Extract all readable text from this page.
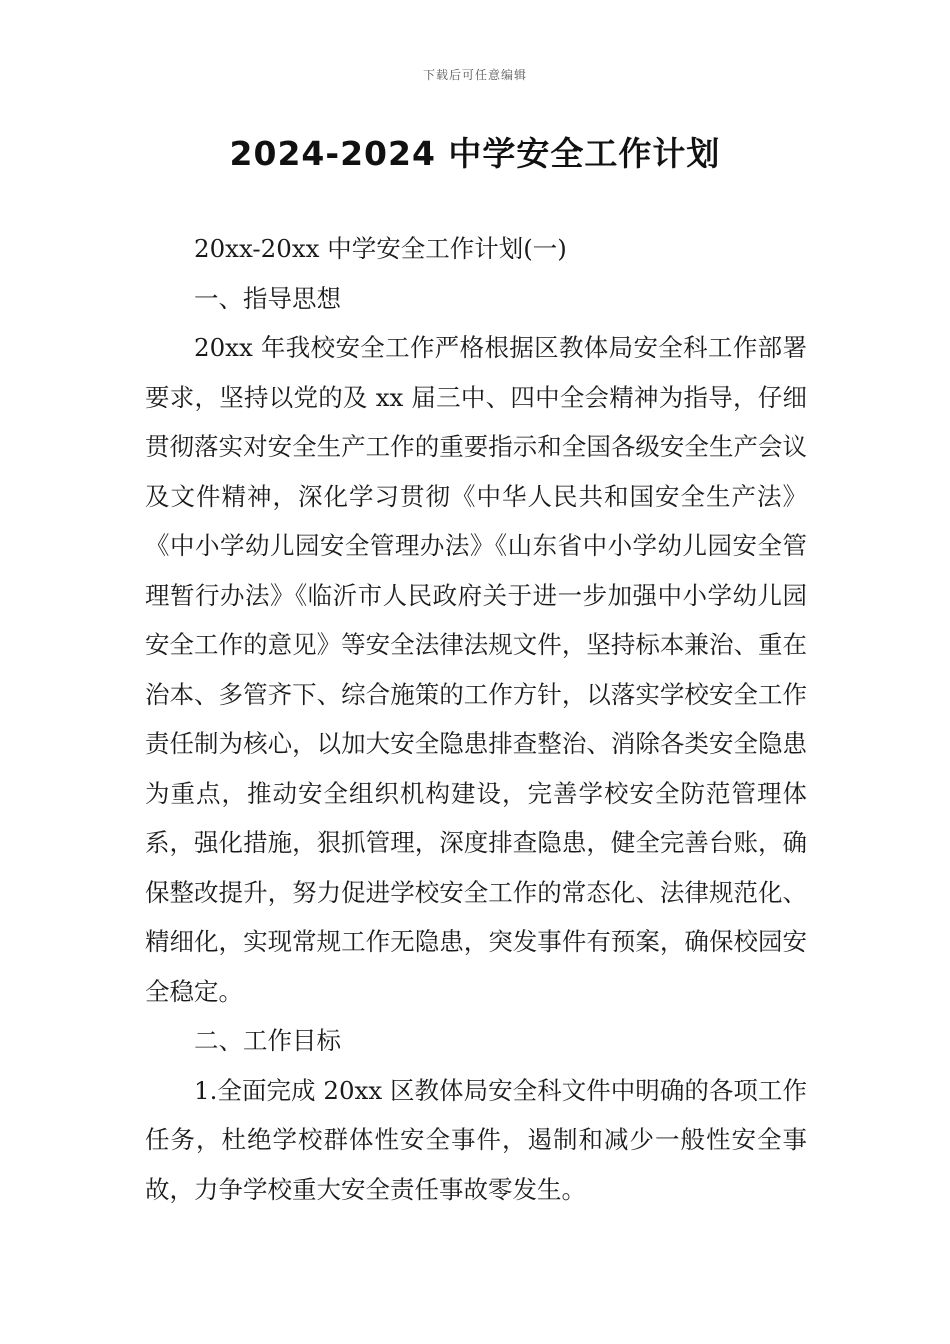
下载后可任意编辑
2024-2024 中学安全工作计划

20xx-20xx 中学安全工作计划(一)

一、指导思想

20xx 年我校安全工作严格根据区教体局安全科工作部署要求，坚持以党的及 xx 届三中、四中全会精神为指导，仔细贯彻落实对安全生产工作的重要指示和全国各级安全生产会议及文件精神，深化学习贯彻《中华人民共和国安全生产法》《中小学幼儿园安全管理办法》《山东省中小学幼儿园安全管理暂行办法》《临沂市人民政府关于进一步加强中小学幼儿园安全工作的意见》等安全法律法规文件，坚持标本兼治、重在治本、多管齐下、综合施策的工作方针，以落实学校安全工作责任制为核心，以加大安全隐患排查整治、消除各类安全隐患为重点，推动安全组织机构建设，完善学校安全防范管理体系，强化措施，狠抓管理，深度排查隐患，健全完善台账，确保整改提升，努力促进学校安全工作的常态化、法律规范化、精细化，实现常规工作无隐患，突发事件有预案，确保校园安全稳定。

二、工作目标

1.全面完成 20xx 区教体局安全科文件中明确的各项工作任务，杜绝学校群体性安全事件，遏制和减少一般性安全事故，力争学校重大安全责任事故零发生。
